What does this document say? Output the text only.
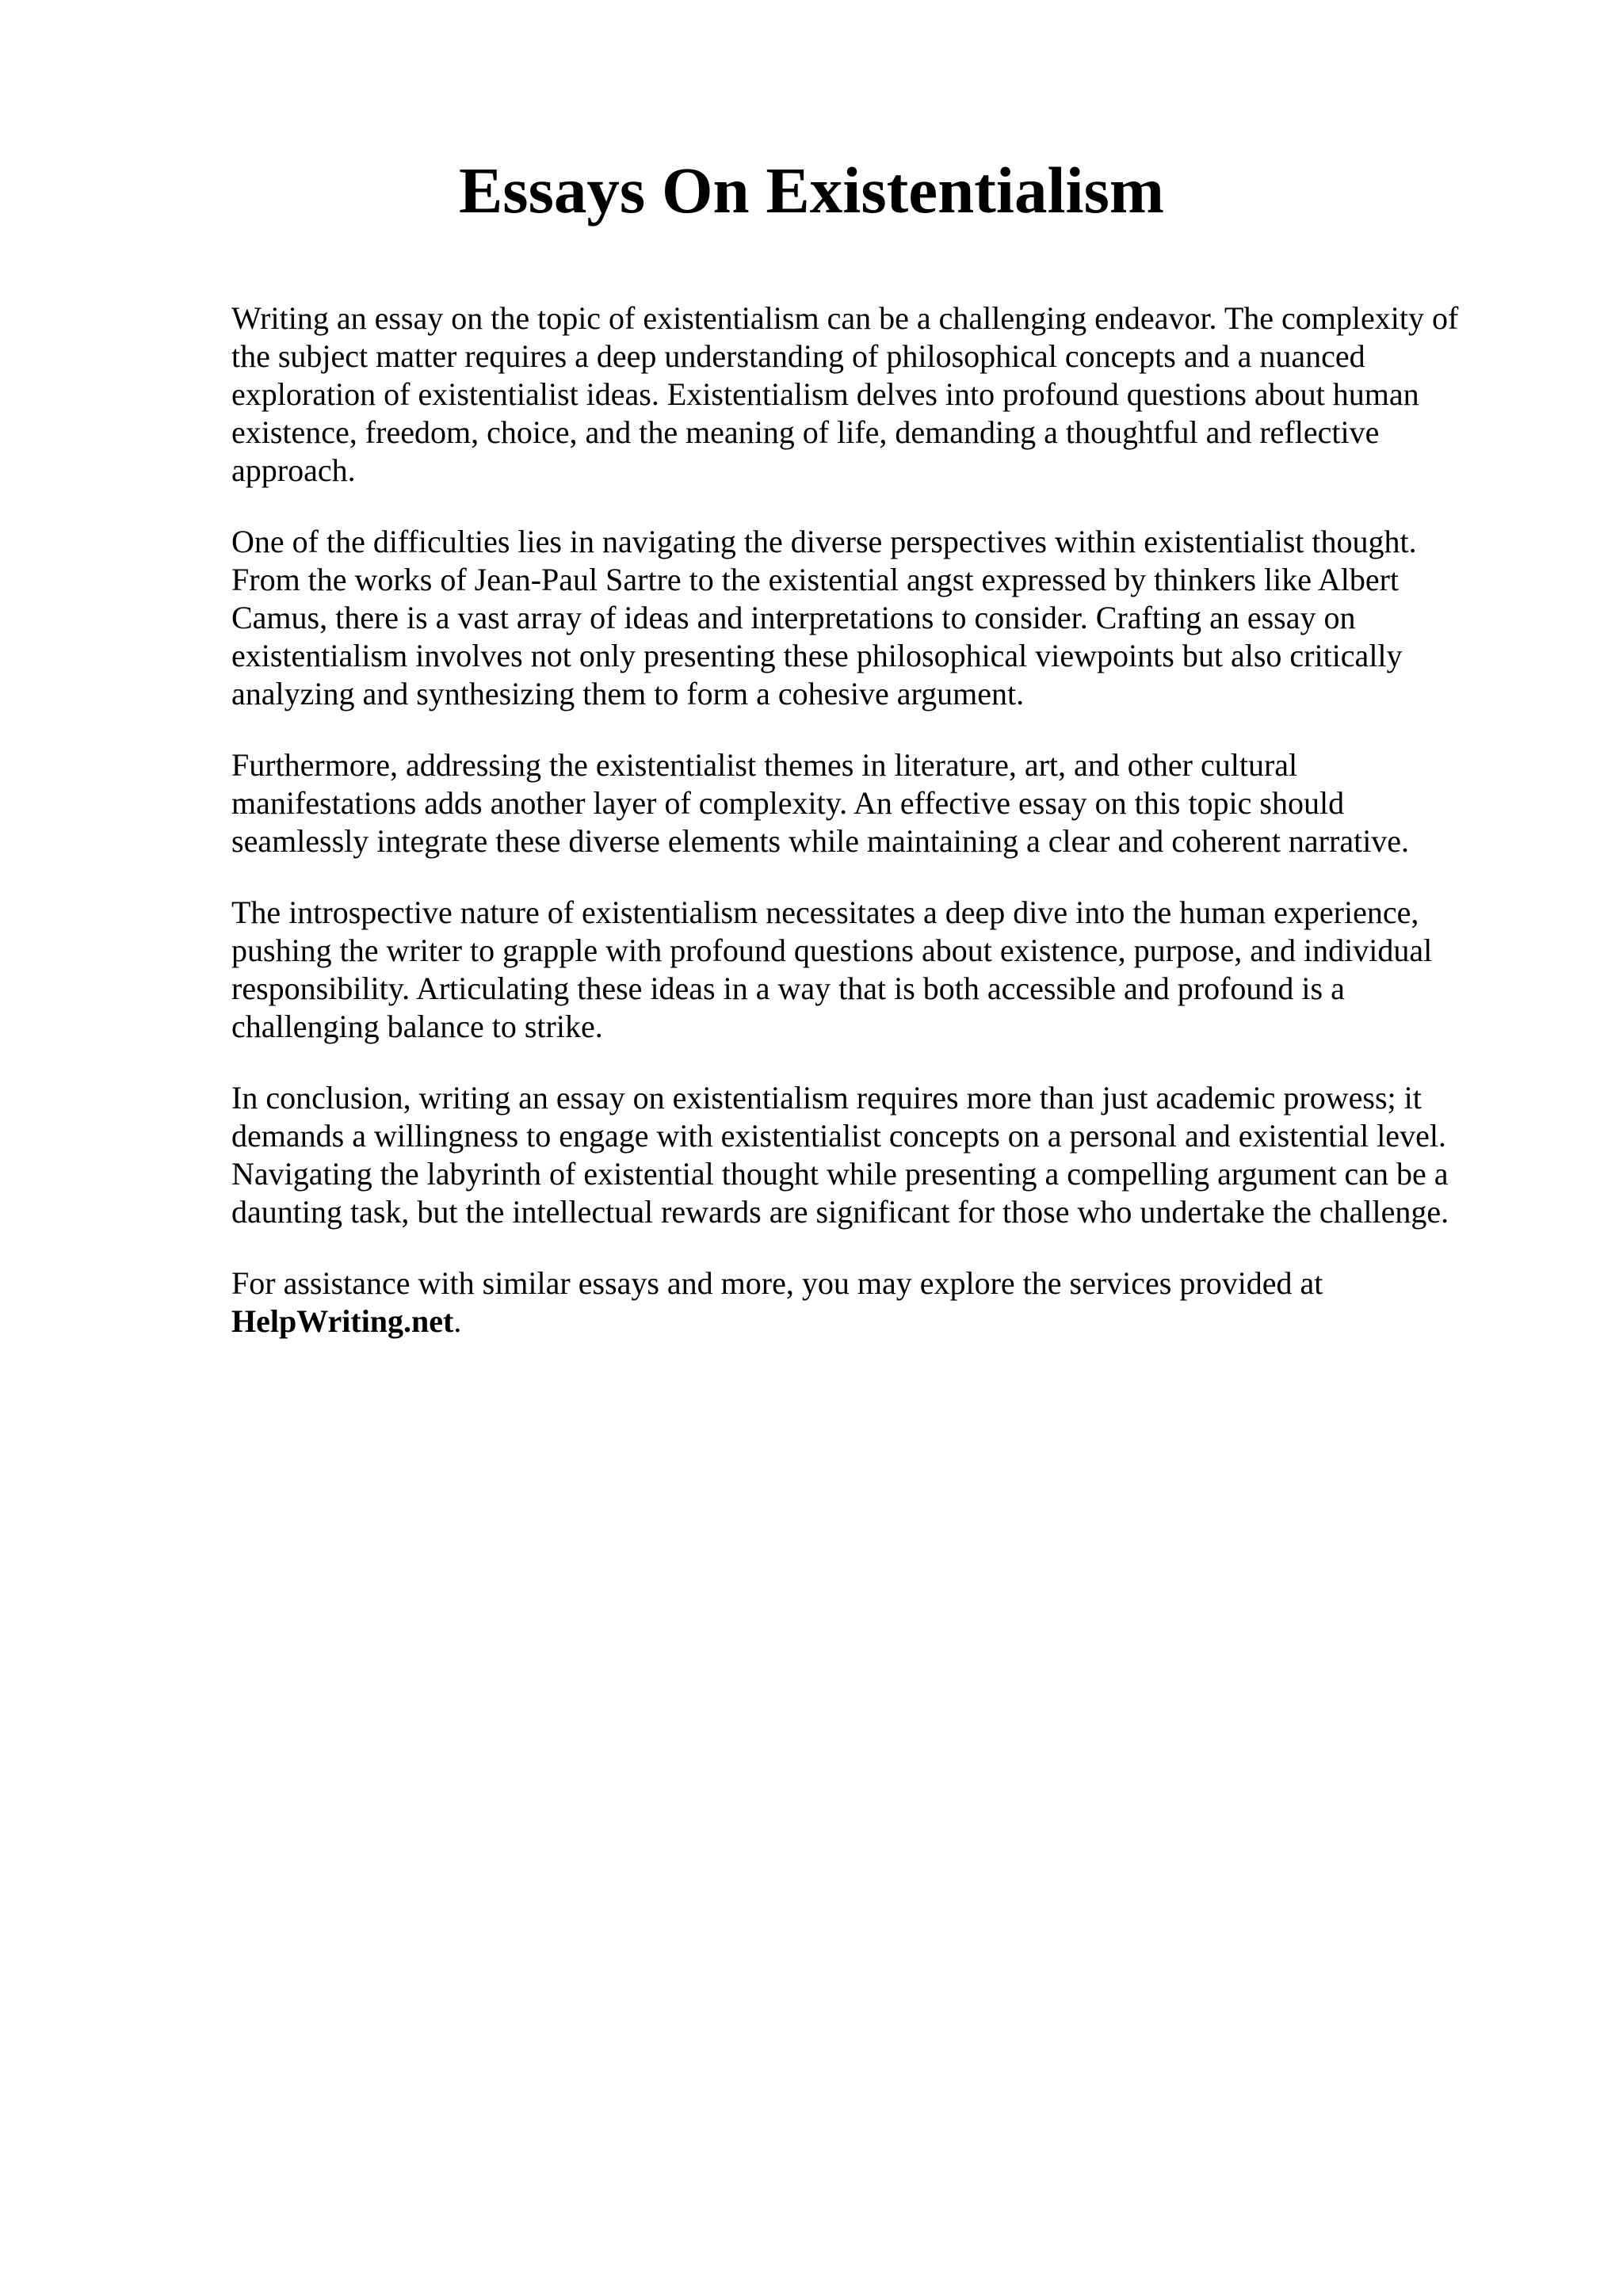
Essays On Existentialism

Writing an essay on the topic of existentialism can be a challenging endeavor. The complexity of
the subject matter requires a deep understanding of philosophical concepts and a nuanced
exploration of existentialist ideas. Existentialism delves into profound questions about human
existence, freedom, choice, and the meaning of life, demanding a thoughtful and reflective
approach.

One of the difficulties lies in navigating the diverse perspectives within existentialist thought.
From the works of Jean-Paul Sartre to the existential angst expressed by thinkers like Albert
Camus, there is a vast array of ideas and interpretations to consider. Crafting an essay on
existentialism involves not only presenting these philosophical viewpoints but also critically
analyzing and synthesizing them to form a cohesive argument.

Furthermore, addressing the existentialist themes in literature, art, and other cultural
manifestations adds another layer of complexity. An effective essay on this topic should
seamlessly integrate these diverse elements while maintaining a clear and coherent narrative.

The introspective nature of existentialism necessitates a deep dive into the human experience,
pushing the writer to grapple with profound questions about existence, purpose, and individual
responsibility. Articulating these ideas in a way that is both accessible and profound is a
challenging balance to strike.

In conclusion, writing an essay on existentialism requires more than just academic prowess; it
demands a willingness to engage with existentialist concepts on a personal and existential level.
Navigating the labyrinth of existential thought while presenting a compelling argument can be a
daunting task, but the intellectual rewards are significant for those who undertake the challenge.

For assistance with similar essays and more, you may explore the services provided at
HelpWriting.net.
